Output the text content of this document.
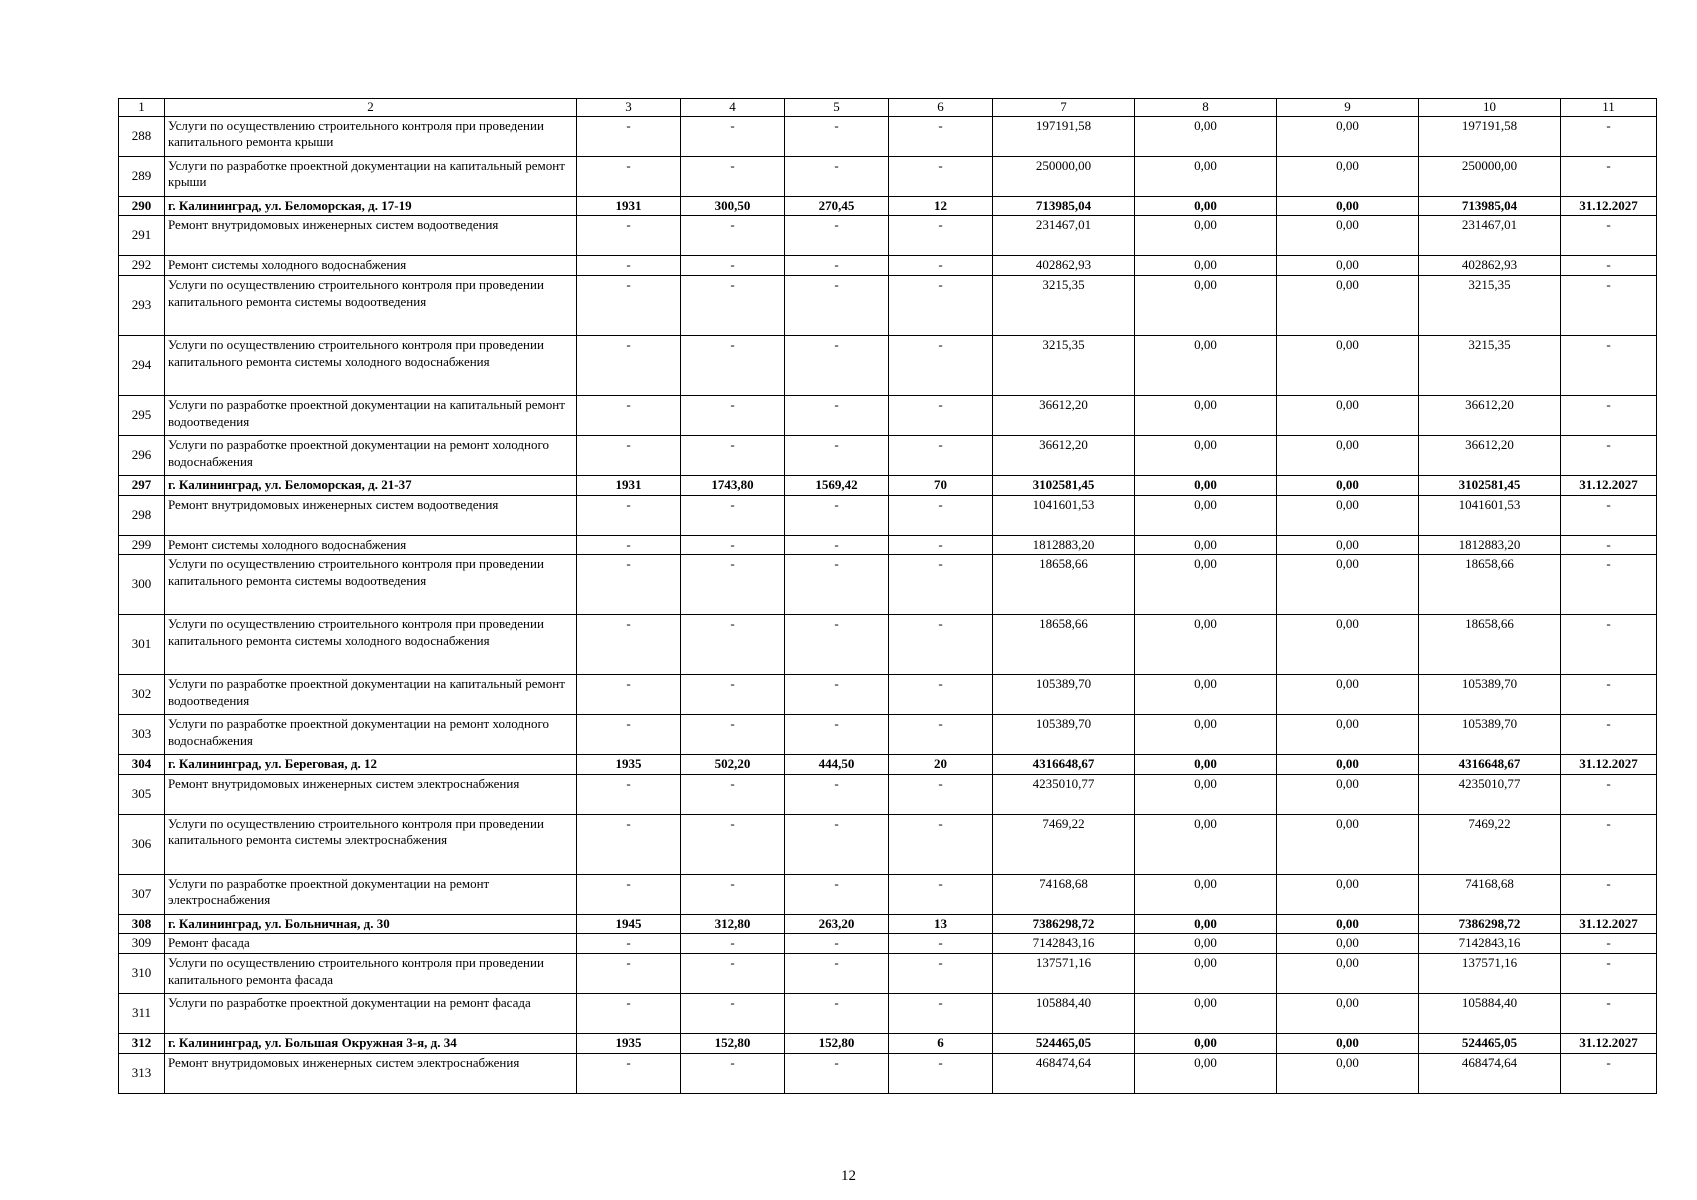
1	2	3	4	5	6	7	8	9	10	11
288	Услуги по осуществлению строительного контроля при проведении капитального ремонта крыши	-	-	-	-	197191,58	0,00	0,00	197191,58	-
289	Услуги по разработке проектной документации на капитальный ремонт крыши	-	-	-	-	250000,00	0,00	0,00	250000,00	-
290	г. Калининград, ул. Беломорская, д. 17-19	1931	300,50	270,45	12	713985,04	0,00	0,00	713985,04	31.12.2027
291	Ремонт внутридомовых инженерных систем водоотведения	-	-	-	-	231467,01	0,00	0,00	231467,01	-
292	Ремонт системы холодного водоснабжения	-	-	-	-	402862,93	0,00	0,00	402862,93	-
293	Услуги по осуществлению строительного контроля при проведении капитального ремонта системы водоотведения	-	-	-	-	3215,35	0,00	0,00	3215,35	-
294	Услуги по осуществлению строительного контроля при проведении капитального ремонта системы холодного водоснабжения	-	-	-	-	3215,35	0,00	0,00	3215,35	-
295	Услуги по разработке проектной документации на капитальный ремонт водоотведения	-	-	-	-	36612,20	0,00	0,00	36612,20	-
296	Услуги по разработке проектной документации на ремонт холодного водоснабжения	-	-	-	-	36612,20	0,00	0,00	36612,20	-
297	г. Калининград, ул. Беломорская, д. 21-37	1931	1743,80	1569,42	70	3102581,45	0,00	0,00	3102581,45	31.12.2027
298	Ремонт внутридомовых инженерных систем водоотведения	-	-	-	-	1041601,53	0,00	0,00	1041601,53	-
299	Ремонт системы холодного водоснабжения	-	-	-	-	1812883,20	0,00	0,00	1812883,20	-
300	Услуги по осуществлению строительного контроля при проведении капитального ремонта системы водоотведения	-	-	-	-	18658,66	0,00	0,00	18658,66	-
301	Услуги по осуществлению строительного контроля при проведении капитального ремонта системы холодного водоснабжения	-	-	-	-	18658,66	0,00	0,00	18658,66	-
302	Услуги по разработке проектной документации на капитальный ремонт водоотведения	-	-	-	-	105389,70	0,00	0,00	105389,70	-
303	Услуги по разработке проектной документации на ремонт холодного водоснабжения	-	-	-	-	105389,70	0,00	0,00	105389,70	-
304	г. Калининград, ул. Береговая, д. 12	1935	502,20	444,50	20	4316648,67	0,00	0,00	4316648,67	31.12.2027
305	Ремонт внутридомовых инженерных систем электроснабжения	-	-	-	-	4235010,77	0,00	0,00	4235010,77	-
306	Услуги по осуществлению строительного контроля при проведении капитального ремонта системы электроснабжения	-	-	-	-	7469,22	0,00	0,00	7469,22	-
307	Услуги по разработке проектной документации на ремонт электроснабжения	-	-	-	-	74168,68	0,00	0,00	74168,68	-
308	г. Калининград, ул. Больничная, д. 30	1945	312,80	263,20	13	7386298,72	0,00	0,00	7386298,72	31.12.2027
309	Ремонт фасада	-	-	-	-	7142843,16	0,00	0,00	7142843,16	-
310	Услуги по осуществлению строительного контроля при проведении капитального ремонта фасада	-	-	-	-	137571,16	0,00	0,00	137571,16	-
311	Услуги по разработке проектной документации на ремонт фасада	-	-	-	-	105884,40	0,00	0,00	105884,40	-
312	г. Калининград, ул. Большая Окружная 3-я, д. 34	1935	152,80	152,80	6	524465,05	0,00	0,00	524465,05	31.12.2027
313	Ремонт внутридомовых инженерных систем электроснабжения	-	-	-	-	468474,64	0,00	0,00	468474,64	-
12
